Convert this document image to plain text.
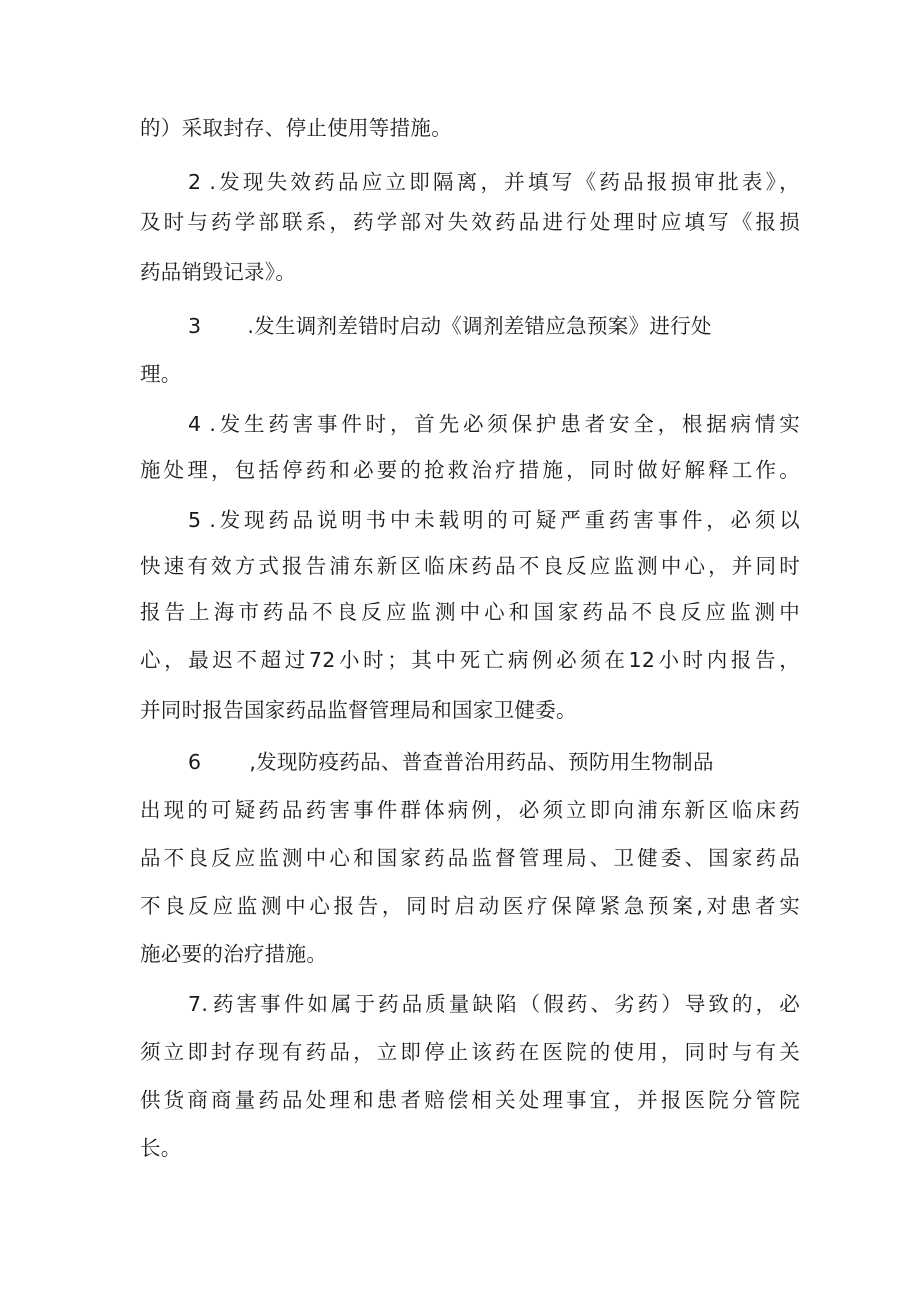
的）采取封存、停止使用等措施。
2 .发现失效药品应立即隔离，并填写《药品报损审批表》，
及时与药学部联系，药学部对失效药品进行处理时应填写《报损
药品销毁记录》。
3 .发生调剂差错时启动《调剂差错应急预案》进行处
理。
4 .发生药害事件时，首先必须保护患者安全，根据病情实
施处理，包括停药和必要的抢救治疗措施，同时做好解释工作。
5 .发现药品说明书中未载明的可疑严重药害事件，必须以
快速有效方式报告浦东新区临床药品不良反应监测中心，并同时
报告上海市药品不良反应监测中心和国家药品不良反应监测中
心，最迟不超过72小时；其中死亡病例必须在12小时内报告，
并同时报告国家药品监督管理局和国家卫健委。
6 ,发现防疫药品、普查普治用药品、预防用生物制品
出现的可疑药品药害事件群体病例，必须立即向浦东新区临床药
品不良反应监测中心和国家药品监督管理局、卫健委、国家药品
不良反应监测中心报告，同时启动医疗保障紧急预案,对患者实
施必要的治疗措施。
7.药害事件如属于药品质量缺陷（假药、劣药）导致的，必
须立即封存现有药品，立即停止该药在医院的使用，同时与有关
供货商商量药品处理和患者赔偿相关处理事宜，并报医院分管院
长。
